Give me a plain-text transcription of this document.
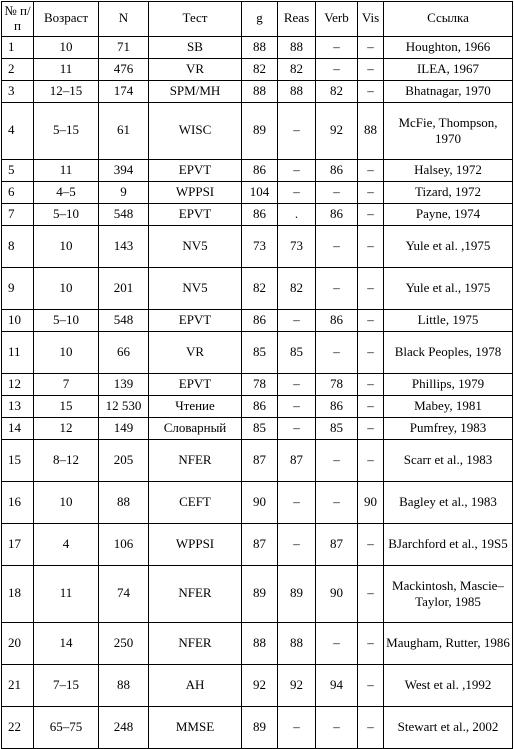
№ п/п	Возраст	N	Тест	g	Reas	Verb	Vis	Ссылка
1	10	71	SB	88	88	–	–	Houghton, 1966
2	11	476	VR	82	82	–	–	ILEA, 1967
3	12–15	174	SPM/MH	88	88	82	–	Bhatnagar, 1970
4	5–15	61	WISC	89	–	92	88	McFie, Thompson, 1970
5	11	394	EPVT	86	–	86	–	Halsey, 1972
6	4–5	9	WPPSI	104	–	–	–	Tizard, 1972
7	5–10	548	EPVT	86	.	86	–	Payne, 1974
8	10	143	NV5	73	73	–	–	Yule et al. ,1975
9	10	201	NV5	82	82	–	–	Yule et al., 1975
10	5–10	548	EPVT	86	–	86	–	Little, 1975
11	10	66	VR	85	85	–	–	Black Peoples, 1978
12	7	139	EPVT	78	–	78	–	Phillips, 1979
13	15	12 530	Чтение	86	–	86	–	Mabey, 1981
14	12	149	Словарный	85	–	85	–	Pumfrey, 1983
15	8–12	205	NFER	87	87	–	–	Scarr et al., 1983
16	10	88	CEFT	90	–	–	90	Bagley et al., 1983
17	4	106	WPPSI	87	–	87	–	BJarchford et al., 19S5
18	11	74	NFER	89	89	90	–	Mackintosh, Mascie–Taylor, 1985
20	14	250	NFER	88	88	–	–	Maugham, Rutter, 1986
21	7–15	88	AH	92	92	94	–	West et al. ,1992
22	65–75	248	MMSE	89	–	–	–	Stewart et al., 2002
